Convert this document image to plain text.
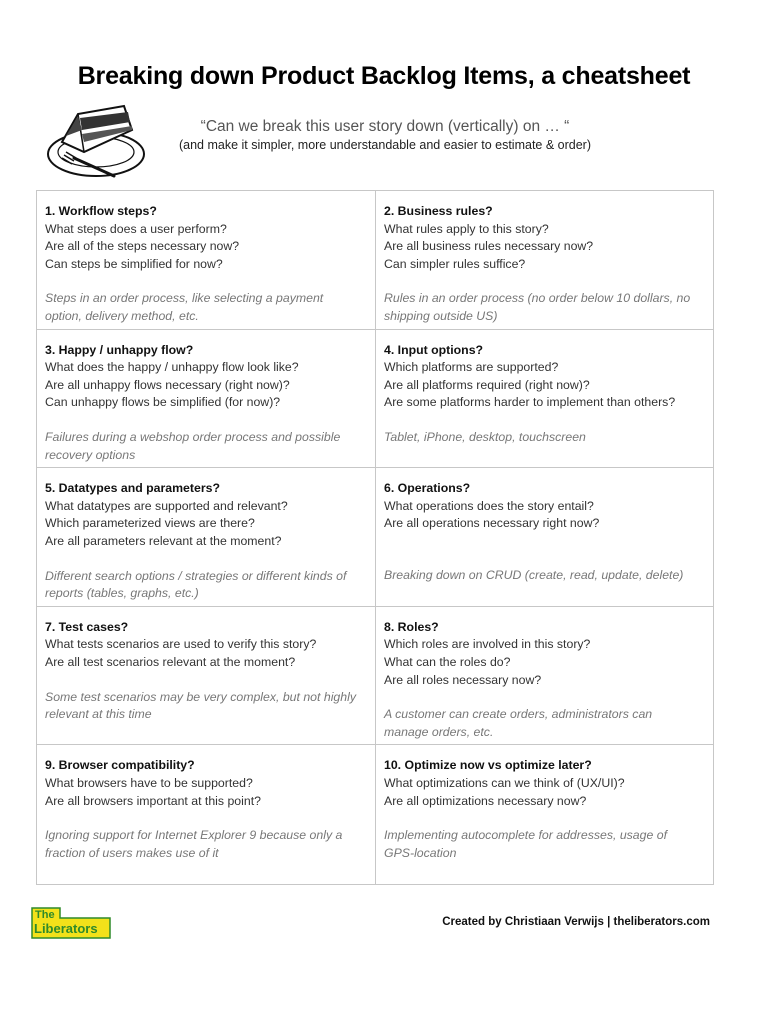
Breaking down Product Backlog Items, a cheatsheet
“Can we break this user story down (vertically) on … “
(and make it simpler, more understandable and easier to estimate & order)
1. Workflow steps?
What steps does a user perform?
Are all of the steps necessary now?
Can steps be simplified for now?
Steps in an order process, like selecting a payment
option, delivery method, etc.
2. Business rules?
What rules apply to this story?
Are all business rules necessary now?
Can simpler rules suffice?
Rules in an order process (no order below 10 dollars, no
shipping outside US)
3. Happy / unhappy flow?
What does the happy / unhappy flow look like?
Are all unhappy flows necessary (right now)?
Can unhappy flows be simplified (for now)?
Failures during a webshop order process and possible
recovery options
4. Input options?
Which platforms are supported?
Are all platforms required (right now)?
Are some platforms harder to implement than others?
Tablet, iPhone, desktop, touchscreen
5. Datatypes and parameters?
What datatypes are supported and relevant?
Which parameterized views are there?
Are all parameters relevant at the moment?
Different search options / strategies or different kinds of
reports (tables, graphs, etc.)
6. Operations?
What operations does the story entail?
Are all operations necessary right now?
Breaking down on CRUD (create, read, update, delete)
7. Test cases?
What tests scenarios are used to verify this story?
Are all test scenarios relevant at the moment?
Some test scenarios may be very complex, but not highly
relevant at this time
8. Roles?
Which roles are involved in this story?
What can the roles do?
Are all roles necessary now?
A customer can create orders, administrators can
manage orders, etc.
9. Browser compatibility?
What browsers have to be supported?
Are all browsers important at this point?
Ignoring support for Internet Explorer 9 because only a
fraction of users makes use of it
10. Optimize now vs optimize later?
What optimizations can we think of (UX/UI)?
Are all optimizations necessary now?
Implementing autocomplete for addresses, usage of
GPS-location
The
Liberators	Created by Christiaan Verwijs | theliberators.com
